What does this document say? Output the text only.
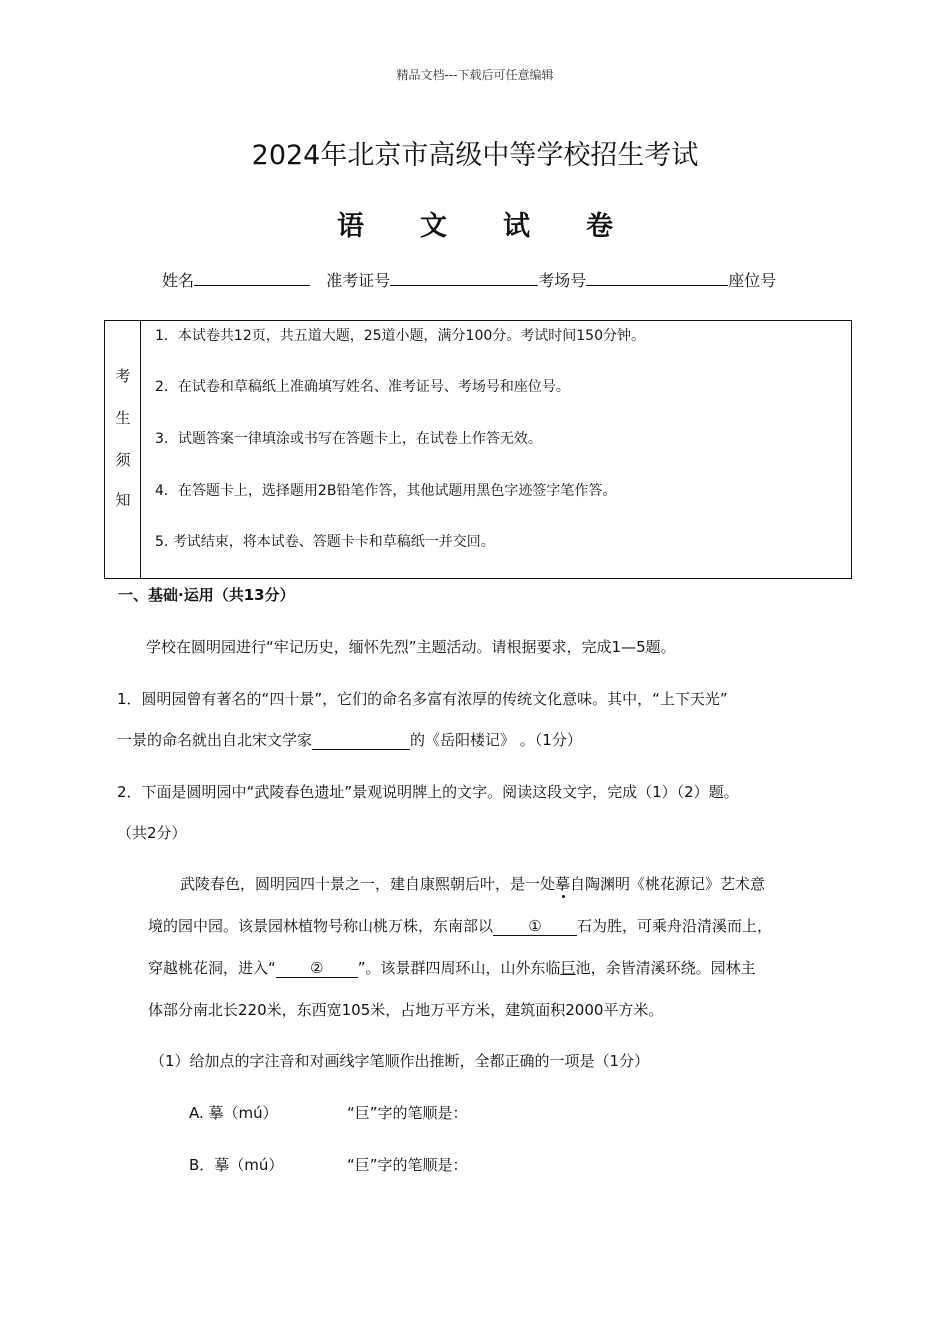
精品文档---下载后可任意编辑
2024年北京市高级中等学校招生考试
语文试卷
姓名	准考证号	考场号	座位号
考
生
须
知
1．本试卷共12页，共五道大题，25道小题，满分100分。考试时间150分钟。
2．在试卷和草稿纸上准确填写姓名、准考证号、考场号和座位号。
3．试题答案一律填涂或书写在答题卡上，在试卷上作答无效。
4．在答题卡上，选择题用2B铅笔作答，其他试题用黑色字迹签字笔作答。
5. 考试结束，将本试卷、答题卡卡和草稿纸一并交回。
一、基础·运用（共13分）
学校在圆明园进行“牢记历史，缅怀先烈”主题活动。请根据要求，完成1—5题。
1．圆明园曾有著名的“四十景”，它们的命名多富有浓厚的传统文化意味。其中，“上下天光”
一景的命名就出自北宋文学家	的《岳阳楼记》 。（1分）
2．下面是圆明园中“武陵春色遗址”景观说明牌上的文字。阅读这段文字，完成（1）（2）题。
（共2分）
武陵春色，圆明园四十景之一，建自康熙朝后叶，是一处摹自陶渊明《桃花源记》艺术意
境的园中园。该景园林植物号称山桃万株，东南部以 ① 石为胜，可乘舟沿清溪而上，
穿越桃花洞，进入“ ② ”。该景群四周环山，山外东临巨池，余皆清溪环绕。园林主
体部分南北长220米，东西宽105米，占地万平方米，建筑面积2000平方米。
（1）给加点的字注音和对画线字笔顺作出推断，全都正确的一项是（1分）
A. 摹（mú）	“巨”字的笔顺是：
B．摹（mú）	“巨”字的笔顺是：
